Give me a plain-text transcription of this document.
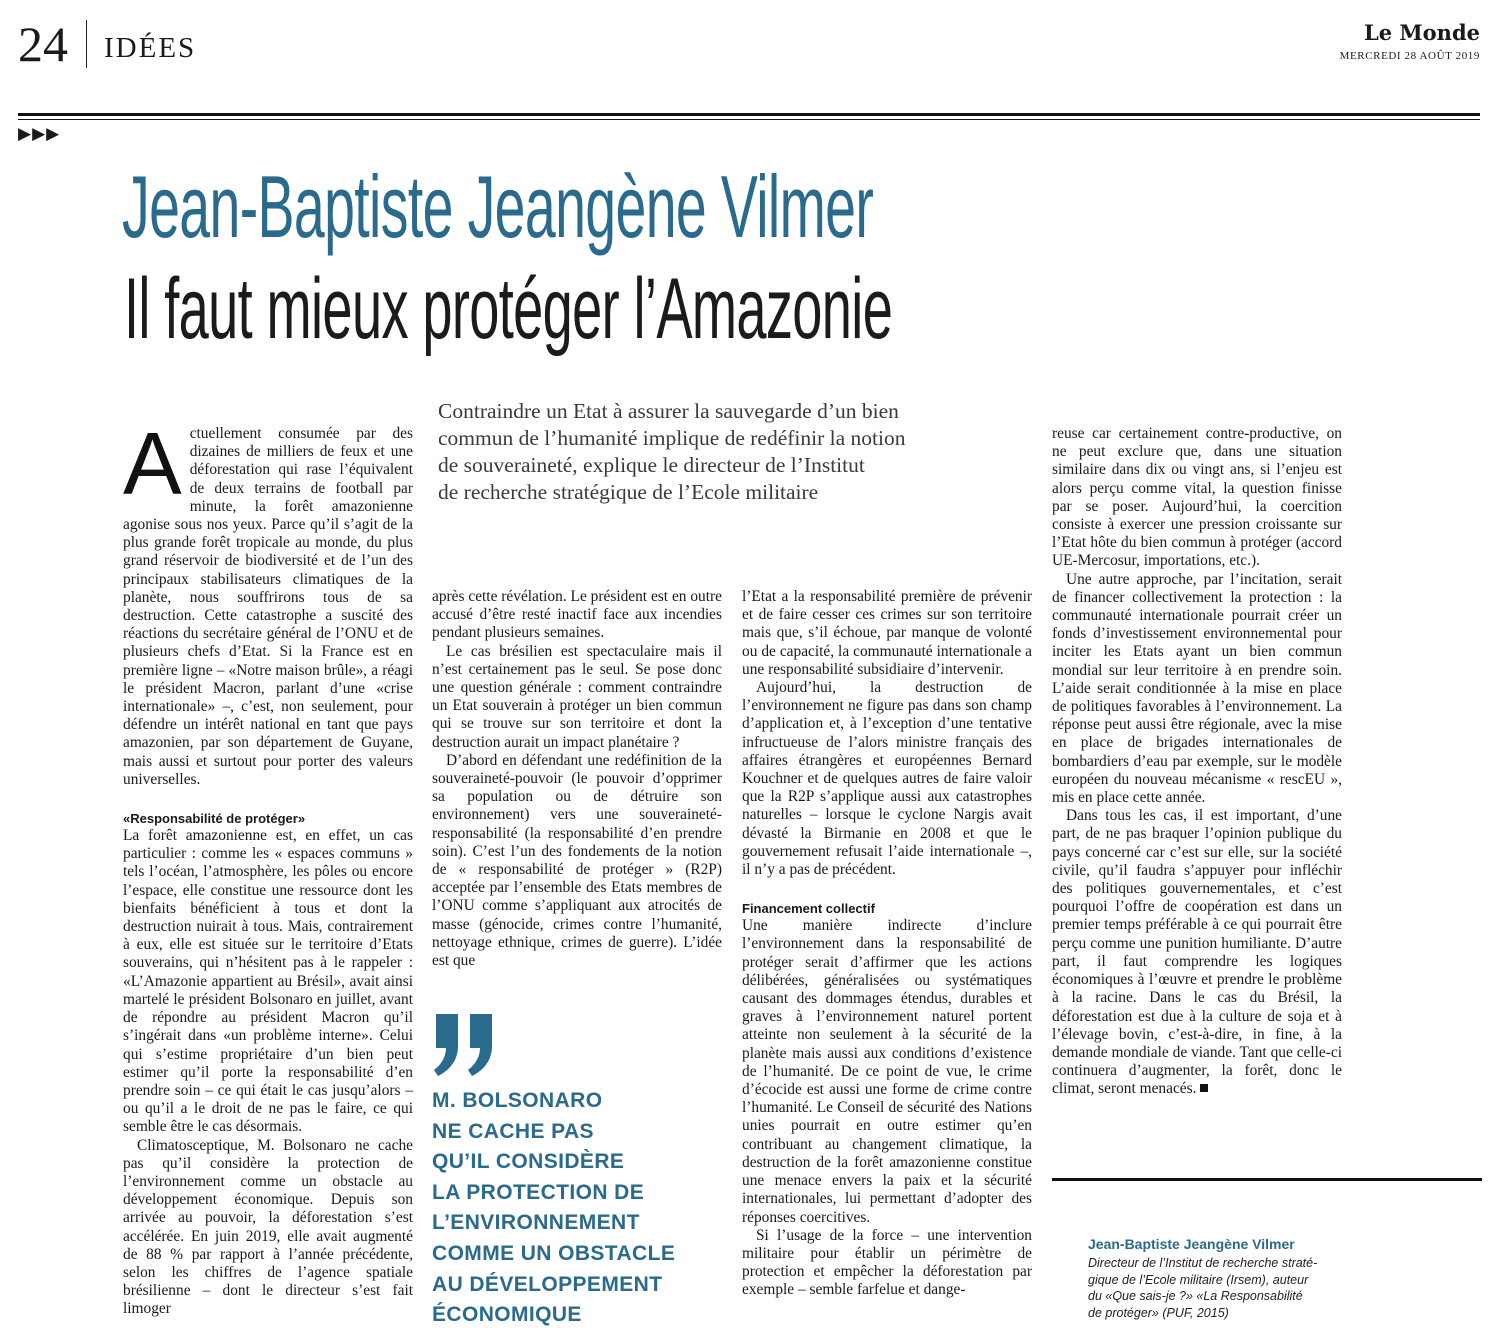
24 IDÉES	Le Monde
MERCREDI 28 AOÛT 2019
▶▶▶
Jean-Baptiste Jeangène Vilmer
Il faut mieux protéger l’Amazonie
Contraindre un Etat à assurer la sauvegarde d’un bien
commun de l’humanité implique de redéfinir la notion
de souveraineté, explique le directeur de l’Institut
de recherche stratégique de l’Ecole militaire
A ctuellement consumée par des dizaines de milliers de feux et une déforestation qui rase l’équivalent de deux terrains de football par minute, la forêt amazonienne agonise sous nos yeux. Parce qu’il s’agit de la plus grande forêt tropicale au monde, du plus grand réservoir de biodiversité et de l’un des principaux stabilisateurs climatiques de la planète, nous souffrirons tous de sa destruction. Cette catastrophe a suscité des réactions du secrétaire général de l’ONU et de plusieurs chefs d’Etat. Si la France est en première ligne – «Notre maison brûle», a réagi le président Macron, parlant d’une «crise internationale» –, c’est, non seulement, pour défendre un intérêt national en tant que pays amazonien, par son département de Guyane, mais aussi et surtout pour porter des valeurs universelles.

«Responsabilité de protéger»

La forêt amazonienne est, en effet, un cas particulier : comme les « espaces communs » tels l’océan, l’atmosphère, les pôles ou encore l’espace, elle constitue une ressource dont les bienfaits bénéficient à tous et dont la destruction nuirait à tous. Mais, contrairement à eux, elle est située sur le territoire d’Etats souverains, qui n’hésitent pas à le rappeler : «L’Amazonie appartient au Brésil», avait ainsi martelé le président Bolsonaro en juillet, avant de répondre au président Macron qu’il s’ingérait dans «un problème interne». Celui qui s’estime propriétaire d’un bien peut estimer qu’il porte la responsabilité d’en prendre soin – ce qui était le cas jusqu’alors – ou qu’il a le droit de ne pas le faire, ce qui semble être le cas désormais.

Climatosceptique, M. Bolsonaro ne cache pas qu’il considère la protection de l’environnement comme un obstacle au développement économique. Depuis son arrivée au pouvoir, la déforestation s’est accélérée. En juin 2019, elle avait augmenté de 88 % par rapport à l’année précédente, selon les chiffres de l’agence spatiale brésilienne – dont le directeur s’est fait limoger

après cette révélation. Le président est en outre accusé d’être resté inactif face aux incendies pendant plusieurs semaines.

Le cas brésilien est spectaculaire mais il n’est certainement pas le seul. Se pose donc une question générale : comment contraindre un Etat souverain à protéger un bien commun qui se trouve sur son territoire et dont la destruction aurait un impact planétaire ?

D’abord en défendant une redéfinition de la souveraineté-pouvoir (le pouvoir d’opprimer sa population ou de détruire son environnement) vers une souveraineté-responsabilité (la responsabilité d’en prendre soin). C’est l’un des fondements de la notion de « responsabilité de protéger » (R2P) acceptée par l’ensemble des Etats membres de l’ONU comme s’appliquant aux atrocités de masse (génocide, crimes contre l’humanité, nettoyage ethnique, crimes de guerre). L’idée est que

M. BOLSONARO
NE CACHE PAS
QU’IL CONSIDÈRE
LA PROTECTION DE
L’ENVIRONNEMENT
COMME UN OBSTACLE
AU DÉVELOPPEMENT
ÉCONOMIQUE

l’Etat a la responsabilité première de prévenir et de faire cesser ces crimes sur son territoire mais que, s’il échoue, par manque de volonté ou de capacité, la communauté internationale a une responsabilité subsidiaire d’intervenir.

Aujourd’hui, la destruction de l’environnement ne figure pas dans son champ d’application et, à l’exception d’une tentative infructueuse de l’alors ministre français des affaires étrangères et européennes Bernard Kouchner et de quelques autres de faire valoir que la R2P s’applique aussi aux catastrophes naturelles – lorsque le cyclone Nargis avait dévasté la Birmanie en 2008 et que le gouvernement refusait l’aide internationale –, il n’y a pas de précédent.

Financement collectif

Une manière indirecte d’inclure l’environnement dans la responsabilité de protéger serait d’affirmer que les actions délibérées, généralisées ou systématiques causant des dommages étendus, durables et graves à l’environnement naturel portent atteinte non seulement à la sécurité de la planète mais aussi aux conditions d’existence de l’humanité. De ce point de vue, le crime d’écocide est aussi une forme de crime contre l’humanité. Le Conseil de sécurité des Nations unies pourrait en outre estimer qu’en contribuant au changement climatique, la destruction de la forêt amazonienne constitue une menace envers la paix et la sécurité internationales, lui permettant d’adopter des réponses coercitives.

Si l’usage de la force – une intervention militaire pour établir un périmètre de protection et empêcher la déforestation par exemple – semble farfelue et dange-

reuse car certainement contre-productive, on ne peut exclure que, dans une situation similaire dans dix ou vingt ans, si l’enjeu est alors perçu comme vital, la question finisse par se poser. Aujourd’hui, la coercition consiste à exercer une pression croissante sur l’Etat hôte du bien commun à protéger (accord UE-Mercosur, importations, etc.).

Une autre approche, par l’incitation, serait de financer collectivement la protection : la communauté internationale pourrait créer un fonds d’investissement environnemental pour inciter les Etats ayant un bien commun mondial sur leur territoire à en prendre soin. L’aide serait conditionnée à la mise en place de politiques favorables à l’environnement. La réponse peut aussi être régionale, avec la mise en place de brigades internationales de bombardiers d’eau par exemple, sur le modèle européen du nouveau mécanisme « rescEU », mis en place cette année.

Dans tous les cas, il est important, d’une part, de ne pas braquer l’opinion publique du pays concerné car c’est sur elle, sur la société civile, qu’il faudra s’appuyer pour infléchir des politiques gouvernementales, et c’est pourquoi l’offre de coopération est dans un premier temps préférable à ce qui pourrait être perçu comme une punition humiliante. D’autre part, il faut comprendre les logiques économiques à l’œuvre et prendre le problème à la racine. Dans le cas du Brésil, la déforestation est due à la culture de soja et à l’élevage bovin, c’est-à-dire, in fine, à la demande mondiale de viande. Tant que celle-ci continuera d’augmenter, la forêt, donc le climat, seront menacés.

Jean-Baptiste Jeangène Vilmer
Directeur de l’Institut de recherche straté-
gique de l’Ecole militaire (Irsem), auteur
du «Que sais-je ?» «La Responsabilité
de protéger» (PUF, 2015)
